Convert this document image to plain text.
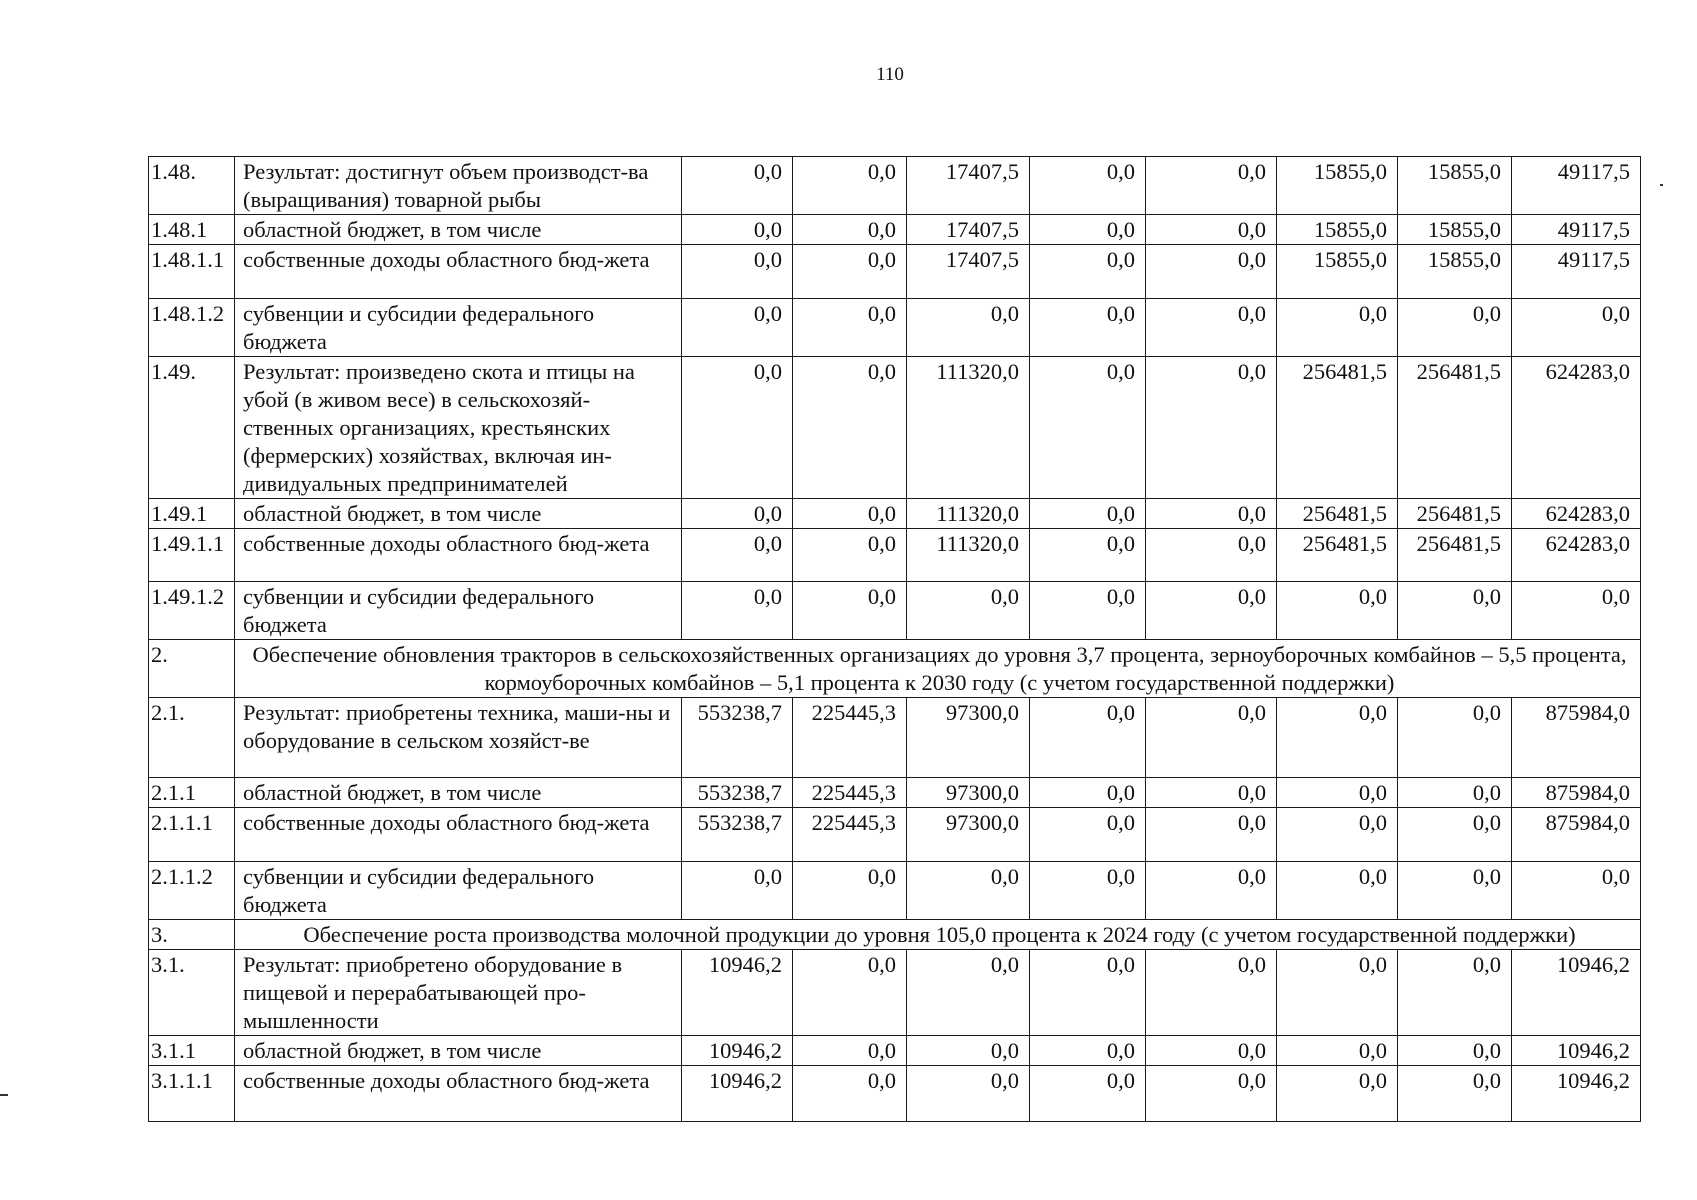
110
1.48.	Результат: достигнут объем производст-ва (выращивания) товарной рыбы	0,0	0,0	17407,5	0,0	0,0	15855,0	15855,0	49117,5
1.48.1	областной бюджет, в том числе	0,0	0,0	17407,5	0,0	0,0	15855,0	15855,0	49117,5
1.48.1.1	собственные доходы областного бюд-жета	0,0	0,0	17407,5	0,0	0,0	15855,0	15855,0	49117,5
1.48.1.2	субвенции и субсидии федерального бюджета	0,0	0,0	0,0	0,0	0,0	0,0	0,0	0,0
1.49.	Результат: произведено скота и птицы на убой (в живом весе) в сельскохозяй-ственных организациях, крестьянских (фермерских) хозяйствах, включая ин-дивидуальных предпринимателей	0,0	0,0	111320,0	0,0	0,0	256481,5	256481,5	624283,0
1.49.1	областной бюджет, в том числе	0,0	0,0	111320,0	0,0	0,0	256481,5	256481,5	624283,0
1.49.1.1	собственные доходы областного бюд-жета	0,0	0,0	111320,0	0,0	0,0	256481,5	256481,5	624283,0
1.49.1.2	субвенции и субсидии федерального бюджета	0,0	0,0	0,0	0,0	0,0	0,0	0,0	0,0
2.	Обеспечение обновления тракторов в сельскохозяйственных организациях до уровня 3,7 процента, зерноуборочных комбайнов – 5,5 процента, кормоуборочных комбайнов – 5,1 процента к 2030 году (с учетом государственной поддержки)								
2.1.	Результат: приобретены техника, маши-ны и оборудование в сельском хозяйст-ве	553238,7	225445,3	97300,0	0,0	0,0	0,0	0,0	875984,0
2.1.1	областной бюджет, в том числе	553238,7	225445,3	97300,0	0,0	0,0	0,0	0,0	875984,0
2.1.1.1	собственные доходы областного бюд-жета	553238,7	225445,3	97300,0	0,0	0,0	0,0	0,0	875984,0
2.1.1.2	субвенции и субсидии федерального бюджета	0,0	0,0	0,0	0,0	0,0	0,0	0,0	0,0
3.	Обеспечение роста производства молочной продукции до уровня 105,0 процента к 2024 году (с учетом государственной поддержки)								
3.1.	Результат: приобретено оборудование в пищевой и перерабатывающей про-мышленности	10946,2	0,0	0,0	0,0	0,0	0,0	0,0	10946,2
3.1.1	областной бюджет, в том числе	10946,2	0,0	0,0	0,0	0,0	0,0	0,0	10946,2
3.1.1.1	собственные доходы областного бюд-жета	10946,2	0,0	0,0	0,0	0,0	0,0	0,0	10946,2
